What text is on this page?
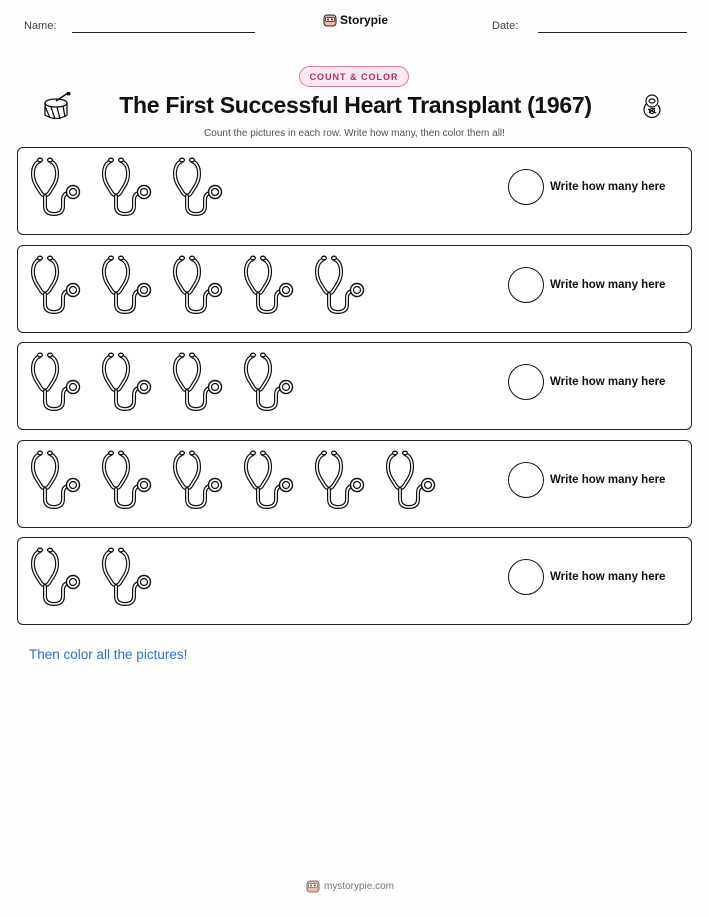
Name:	Storypie	Date:
COUNT & COLOR
The First Successful Heart Transplant (1967)
Count the pictures in each row. Write how many, then color them all!
Write how many here
Write how many here
Write how many here
Write how many here
Write how many here
Then color all the pictures!
mystorypie.com
